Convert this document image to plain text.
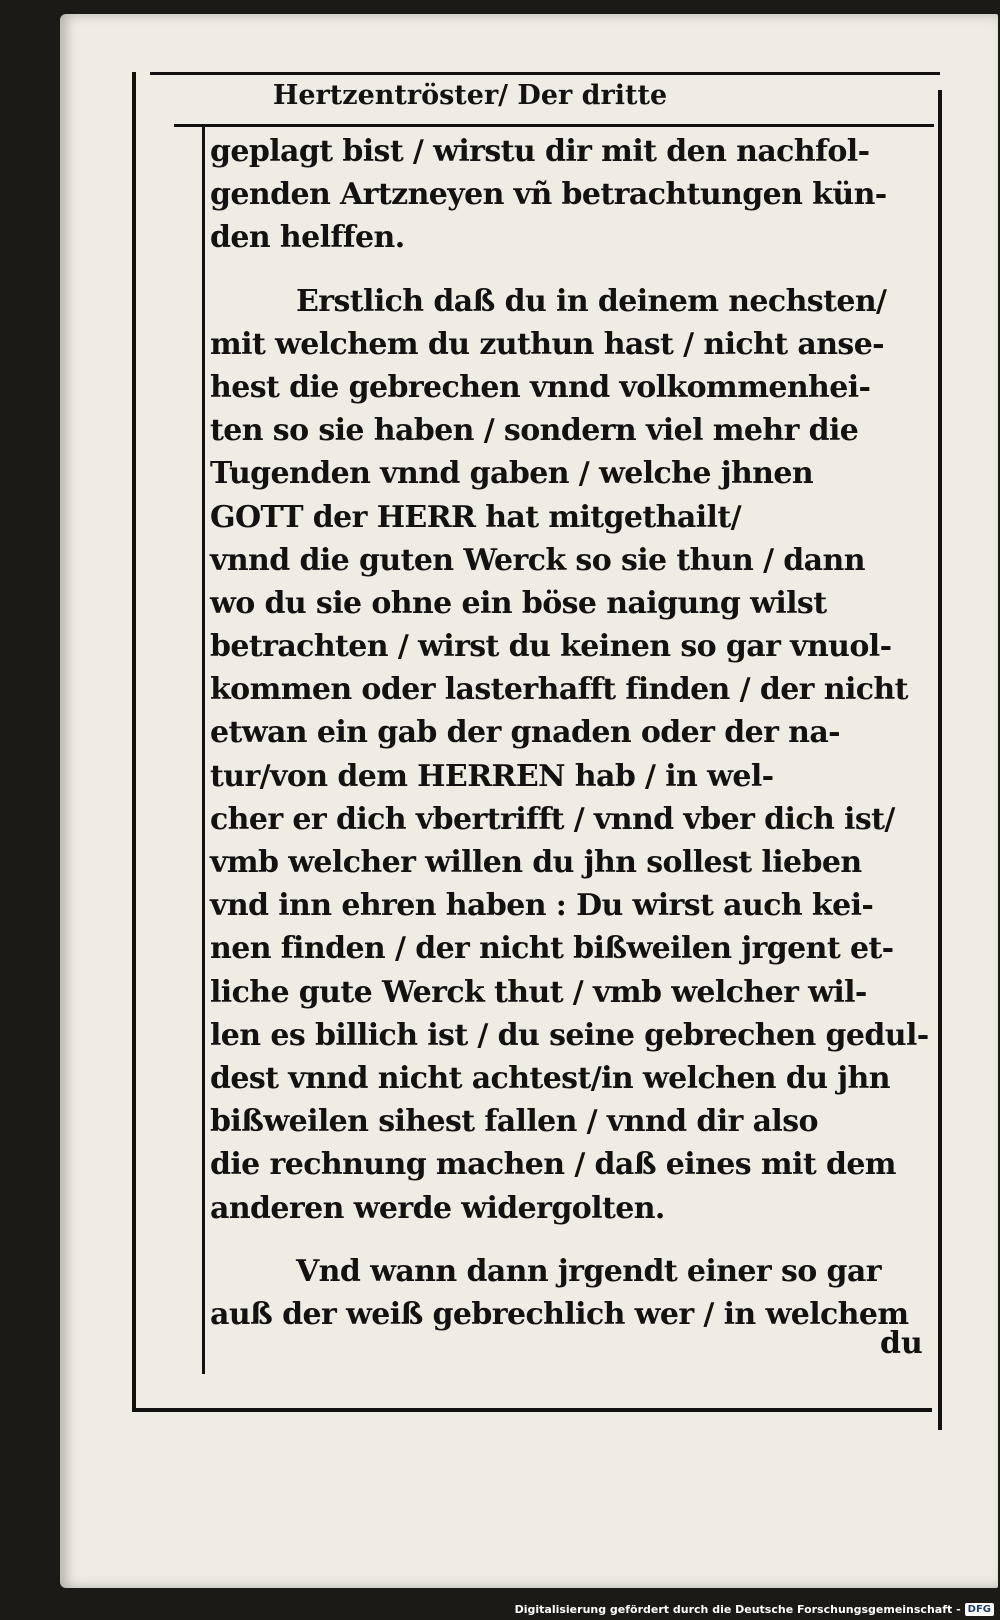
Hertzentröster/ Der dritte
geplagt bist / wirstu dir mit den nachfol-
genden Artzneyen vñ betrachtungen kün-
den helffen.
Erstlich daß du in deinem nechsten/
mit welchem du zuthun hast / nicht anse-
hest die gebrechen vnnd volkommenhei-
ten so sie haben / sondern viel mehr die
Tugenden vnnd gaben / welche jhnen
GOTT der HERR hat mitgethailt/
vnnd die guten Werck so sie thun / dann
wo du sie ohne ein böse naigung wilst
betrachten / wirst du keinen so gar vnuol-
kommen oder lasterhafft finden / der nicht
etwan ein gab der gnaden oder der na-
tur/von dem HERREN hab / in wel-
cher er dich vbertrifft / vnnd vber dich ist/
vmb welcher willen du jhn sollest lieben
vnd inn ehren haben : Du wirst auch kei-
nen finden / der nicht bißweilen jrgent et-
liche gute Werck thut / vmb welcher wil-
len es billich ist / du seine gebrechen gedul-
dest vnnd nicht achtest/in welchen du jhn
bißweilen sihest fallen / vnnd dir also
die rechnung machen / daß eines mit dem
anderen werde widergolten.
Vnd wann dann jrgendt einer so gar
auß der weiß gebrechlich wer / in welchem
du
Digitalisierung gefördert durch die Deutsche Forschungsgemeinschaft - DFG
